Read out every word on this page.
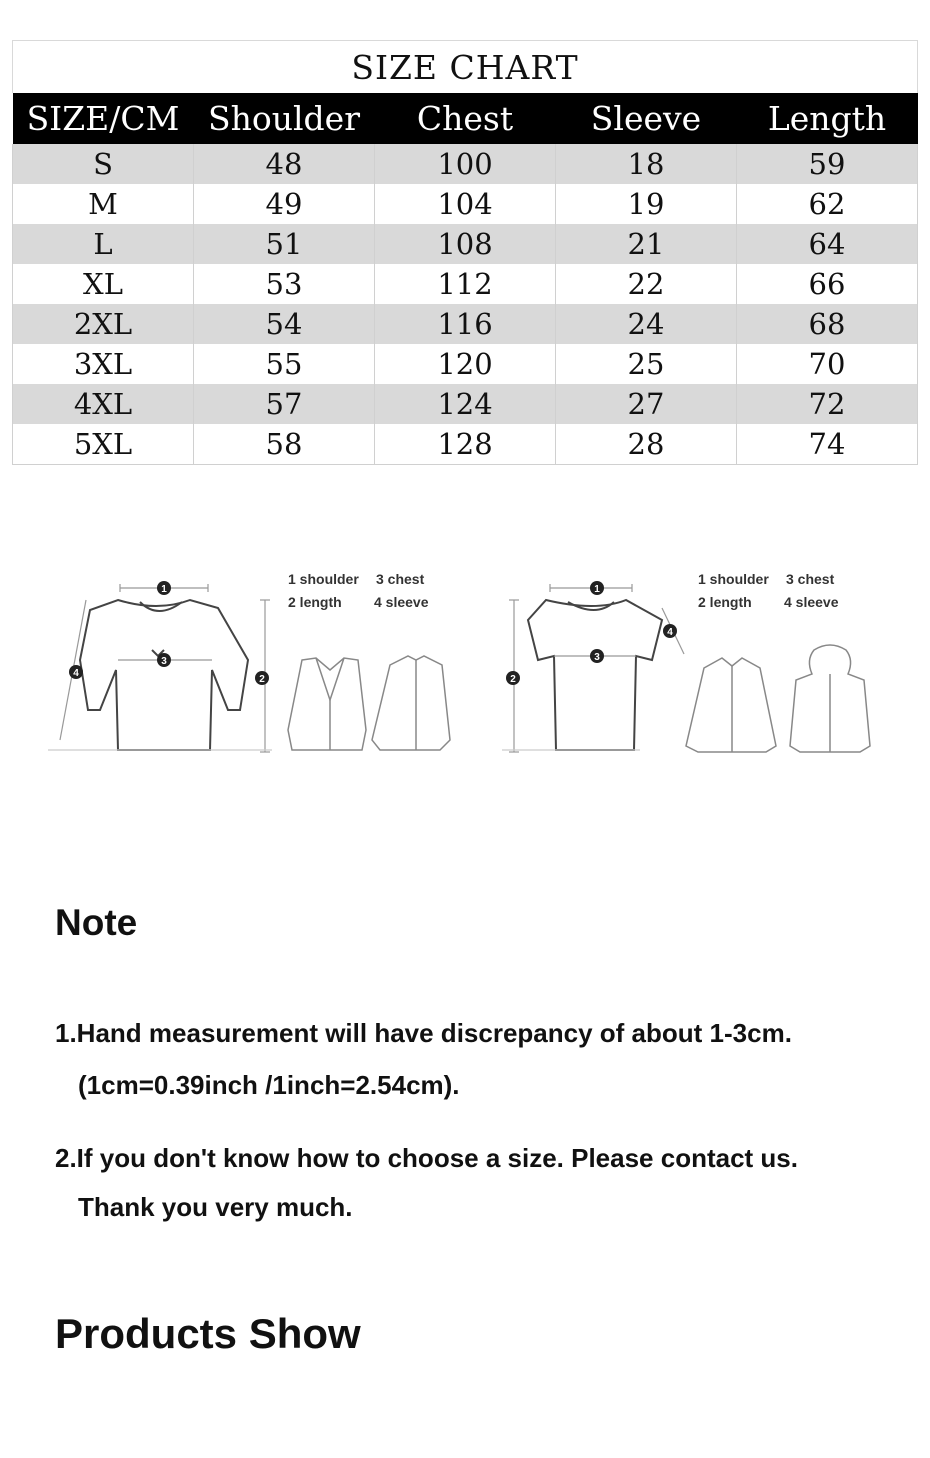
SIZE CHART				
SIZE/CM	Shoulder	Chest	Sleeve	Length
S	48	100	18	59
M	49	104	19	62
L	51	108	21	64
XL	53	112	22	66
2XL	54	116	24	68
3XL	55	120	25	70
4XL	57	124	27	72
5XL	58	128	28	74
1
3
2
4
1 shoulder 3 chest
2 length 4 sleeve
1
3
2
4
1 shoulder 3 chest
2 length 4 sleeve
Note
1.Hand measurement will have discrepancy of about 1-3cm.
(1cm=0.39inch /1inch=2.54cm).
2.If you don't know how to choose a size. Please contact us.
Thank you very much.
Products Show
